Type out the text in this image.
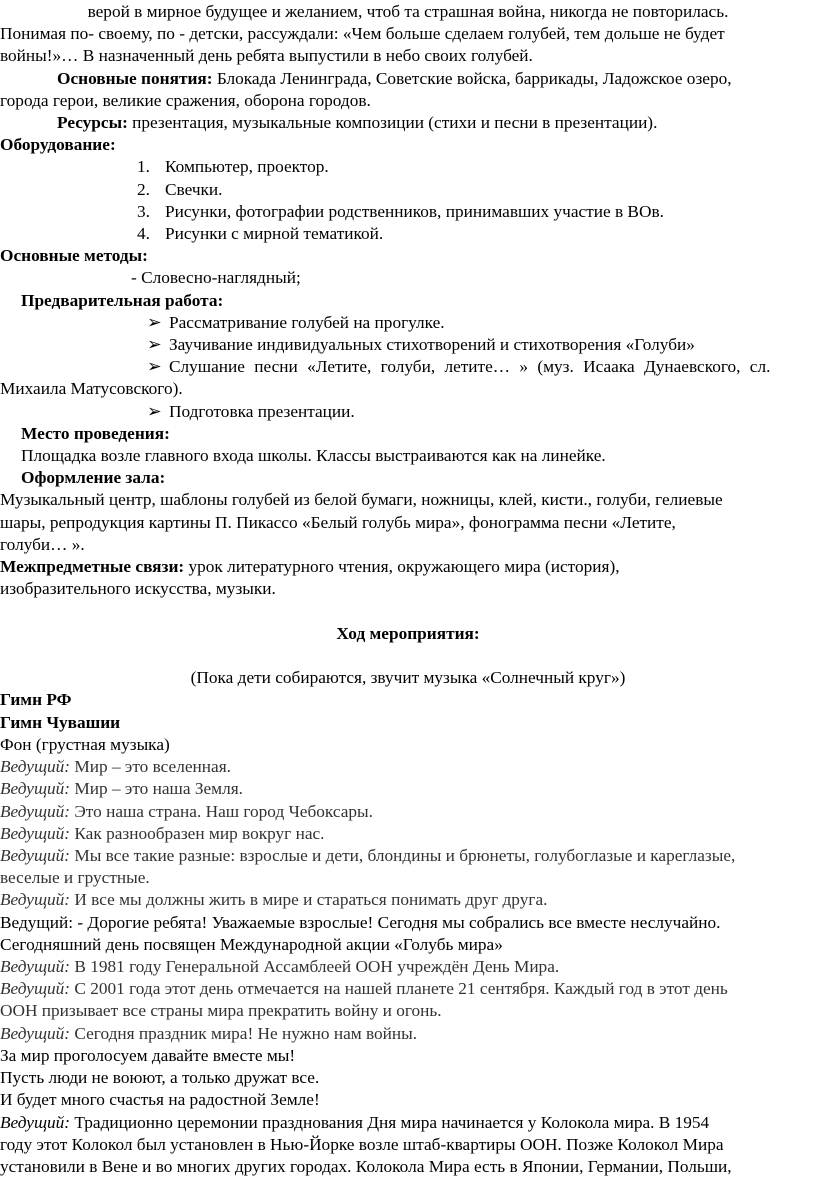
верой в мирное будущее и желанием, чтоб та страшная война, никогда не повторилась.
Понимая по- своему, по - детски, рассуждали: «Чем больше сделаем голубей, тем дольше не будет
войны!»… В назначенный день ребята выпустили в небо своих голубей.
Основные понятия: Блокада Ленинграда, Советские войска, баррикады, Ладожское озеро,
города герои, великие сражения, оборона городов.
Ресурсы: презентация, музыкальные композиции (стихи и песни в презентации).
Оборудование:
1. Компьютер, проектор.
2. Свечки.
3. Рисунки, фотографии родственников, принимавших участие в ВОв.
4. Рисунки с мирной тематикой.
Основные методы:
- Словесно-наглядный;
Предварительная работа:
➢ Рассматривание голубей на прогулке.
➢ Заучивание индивидуальных стихотворений и стихотворения «Голуби»
➢ Слушание песни «Летите, голуби, летите… » (муз. Исаака Дунаевского, сл.
Михаила Матусовского).
➢ Подготовка презентации.
Место проведения:
Площадка возле главного входа школы. Классы выстраиваются как на линейке.
Оформление зала:
Музыкальный центр, шаблоны голубей из белой бумаги, ножницы, клей, кисти., голуби, гелиевые
шары, репродукция картины П. Пикассо «Белый голубь мира», фонограмма песни «Летите,
голуби… ».
Межпредметные связи: урок литературного чтения, окружающего мира (история),
изобразительного искусства, музыки.
Ход мероприятия:
(Пока дети собираются, звучит музыка «Солнечный круг»)
Гимн РФ
Гимн Чувашии
Фон (грустная музыка)
Ведущий: Мир – это вселенная.
Ведущий: Мир – это наша Земля.
Ведущий: Это наша страна. Наш город Чебоксары.
Ведущий: Как разнообразен мир вокруг нас.
Ведущий: Мы все такие разные: взрослые и дети, блондины и брюнеты, голубоглазые и кареглазые,
веселые и грустные.
Ведущий: И все мы должны жить в мире и стараться понимать друг друга.
Ведущий: - Дорогие ребята! Уважаемые взрослые! Сегодня мы собрались все вместе неслучайно.
Сегодняшний день посвящен Международной акции «Голубь мира»
Ведущий: В 1981 году Генеральной Ассамблеей ООН учреждён День Мира.
Ведущий: С 2001 года этот день отмечается на нашей планете 21 сентября. Каждый год в этот день
ООН призывает все страны мира прекратить войну и огонь.
Ведущий: Сегодня праздник мира! Не нужно нам войны.
За мир проголосуем давайте вместе мы!
Пусть люди не воюют, а только дружат все.
И будет много счастья на радостной Земле!
Ведущий: Традиционно церемонии празднования Дня мира начинается у Колокола мира. В 1954
году этот Колокол был установлен в Нью-Йорке возле штаб-квартиры ООН. Позже Колокол Мира
установили в Вене и во многих других городах. Колокола Мира есть в Японии, Германии, Польши,
